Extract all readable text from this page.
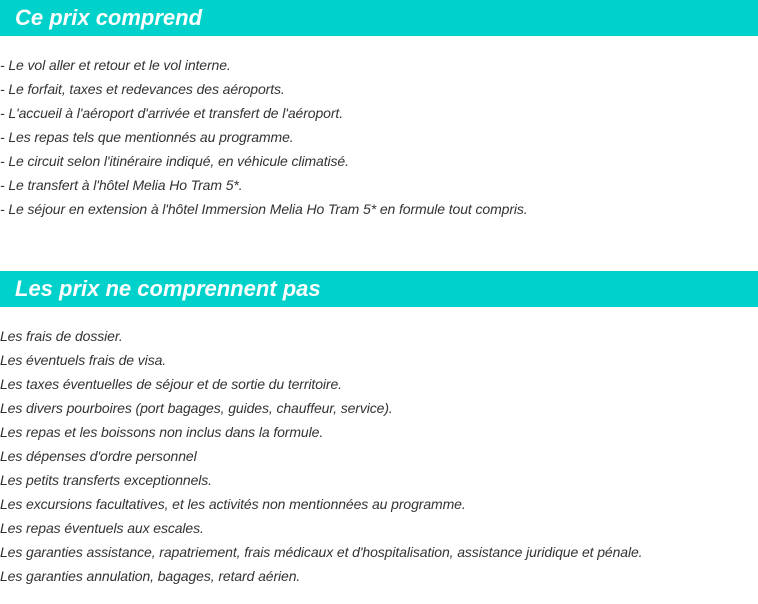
Ce prix comprend
- Le vol aller et retour et le vol interne.
- Le forfait, taxes et redevances des aéroports.
- L'accueil à l'aéroport d'arrivée et transfert de l'aéroport.
- Les repas tels que mentionnés au programme.
- Le circuit selon l'itinéraire indiqué, en véhicule climatisé.
- Le transfert à l'hôtel Melia Ho Tram 5*.
- Le séjour en extension à l'hôtel Immersion Melia Ho Tram 5* en formule tout compris.
Les prix ne comprennent pas
Les frais de dossier.
Les éventuels frais de visa.
Les taxes éventuelles de séjour et de sortie du territoire.
Les divers pourboires (port bagages, guides, chauffeur, service).
Les repas et les boissons non inclus dans la formule.
Les dépenses d'ordre personnel
Les petits transferts exceptionnels.
Les excursions facultatives, et les activités non mentionnées au programme.
Les repas éventuels aux escales.
Les garanties assistance, rapatriement, frais médicaux et d'hospitalisation, assistance juridique et pénale.
Les garanties annulation, bagages, retard aérien.
